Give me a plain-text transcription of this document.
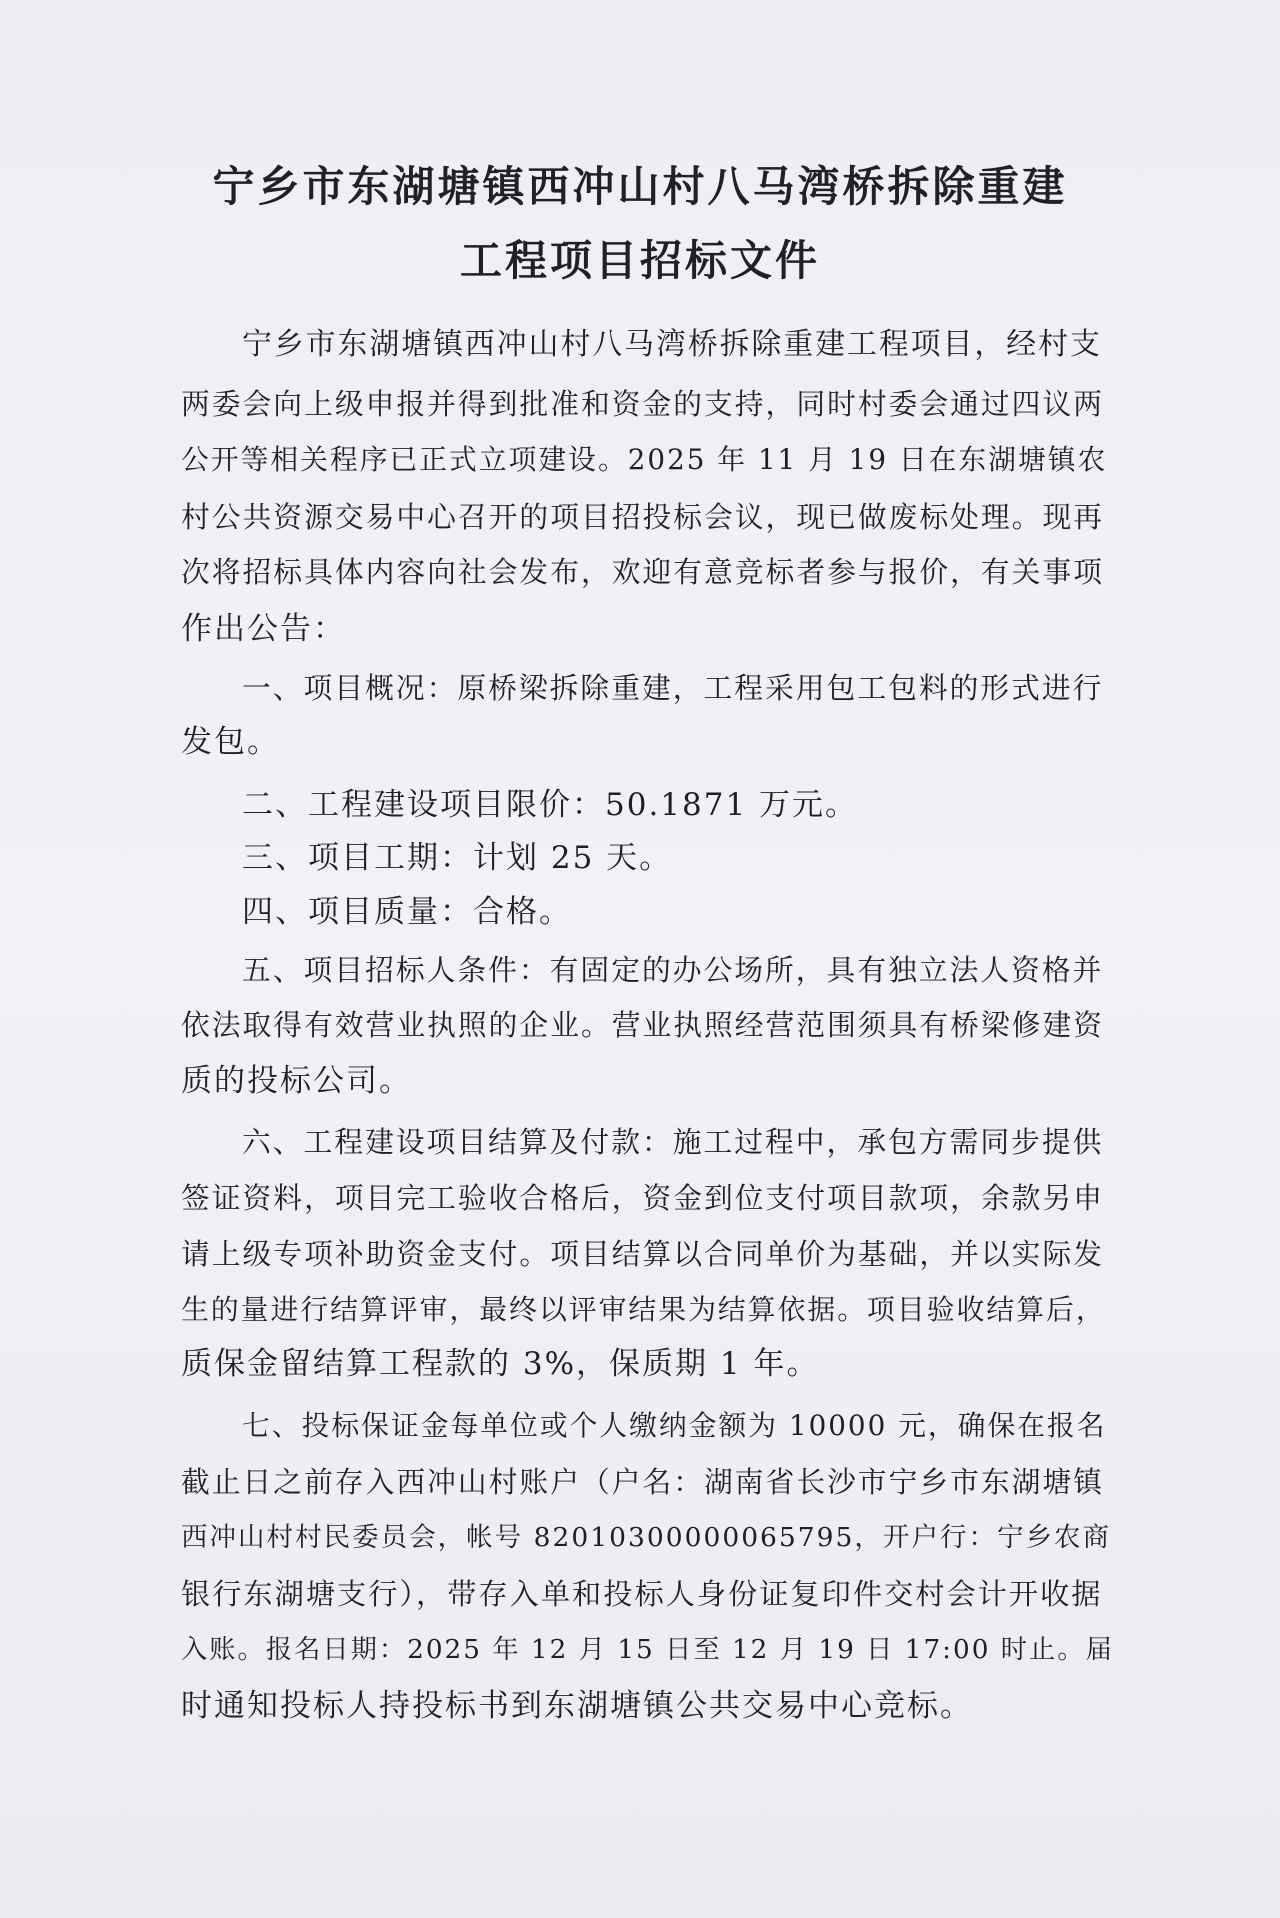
宁乡市东湖塘镇西冲山村八马湾桥拆除重建
工程项目招标文件
宁乡市东湖塘镇西冲山村八马湾桥拆除重建工程项目，经村支
两委会向上级申报并得到批准和资金的支持，同时村委会通过四议两
公开等相关程序已正式立项建设。2025 年 11 月 19 日在东湖塘镇农
村公共资源交易中心召开的项目招投标会议，现已做废标处理。现再
次将招标具体内容向社会发布，欢迎有意竞标者参与报价，有关事项
作出公告：
一、项目概况：原桥梁拆除重建，工程采用包工包料的形式进行
发包。
二、工程建设项目限价：50.1871 万元。
三、项目工期：计划 25 天。
四、项目质量：合格。
五、项目招标人条件：有固定的办公场所，具有独立法人资格并
依法取得有效营业执照的企业。营业执照经营范围须具有桥梁修建资
质的投标公司。
六、工程建设项目结算及付款：施工过程中，承包方需同步提供
签证资料，项目完工验收合格后，资金到位支付项目款项，余款另申
请上级专项补助资金支付。项目结算以合同单价为基础，并以实际发
生的量进行结算评审，最终以评审结果为结算依据。项目验收结算后，
质保金留结算工程款的 3%，保质期 1 年。
七、投标保证金每单位或个人缴纳金额为 10000 元，确保在报名
截止日之前存入西冲山村账户（户名：湖南省长沙市宁乡市东湖塘镇
西冲山村村民委员会，帐号 82010300000065795，开户行：宁乡农商
银行东湖塘支行），带存入单和投标人身份证复印件交村会计开收据
入账。报名日期：2025 年 12 月 15 日至 12 月 19 日 17:00 时止。届
时通知投标人持投标书到东湖塘镇公共交易中心竞标。
